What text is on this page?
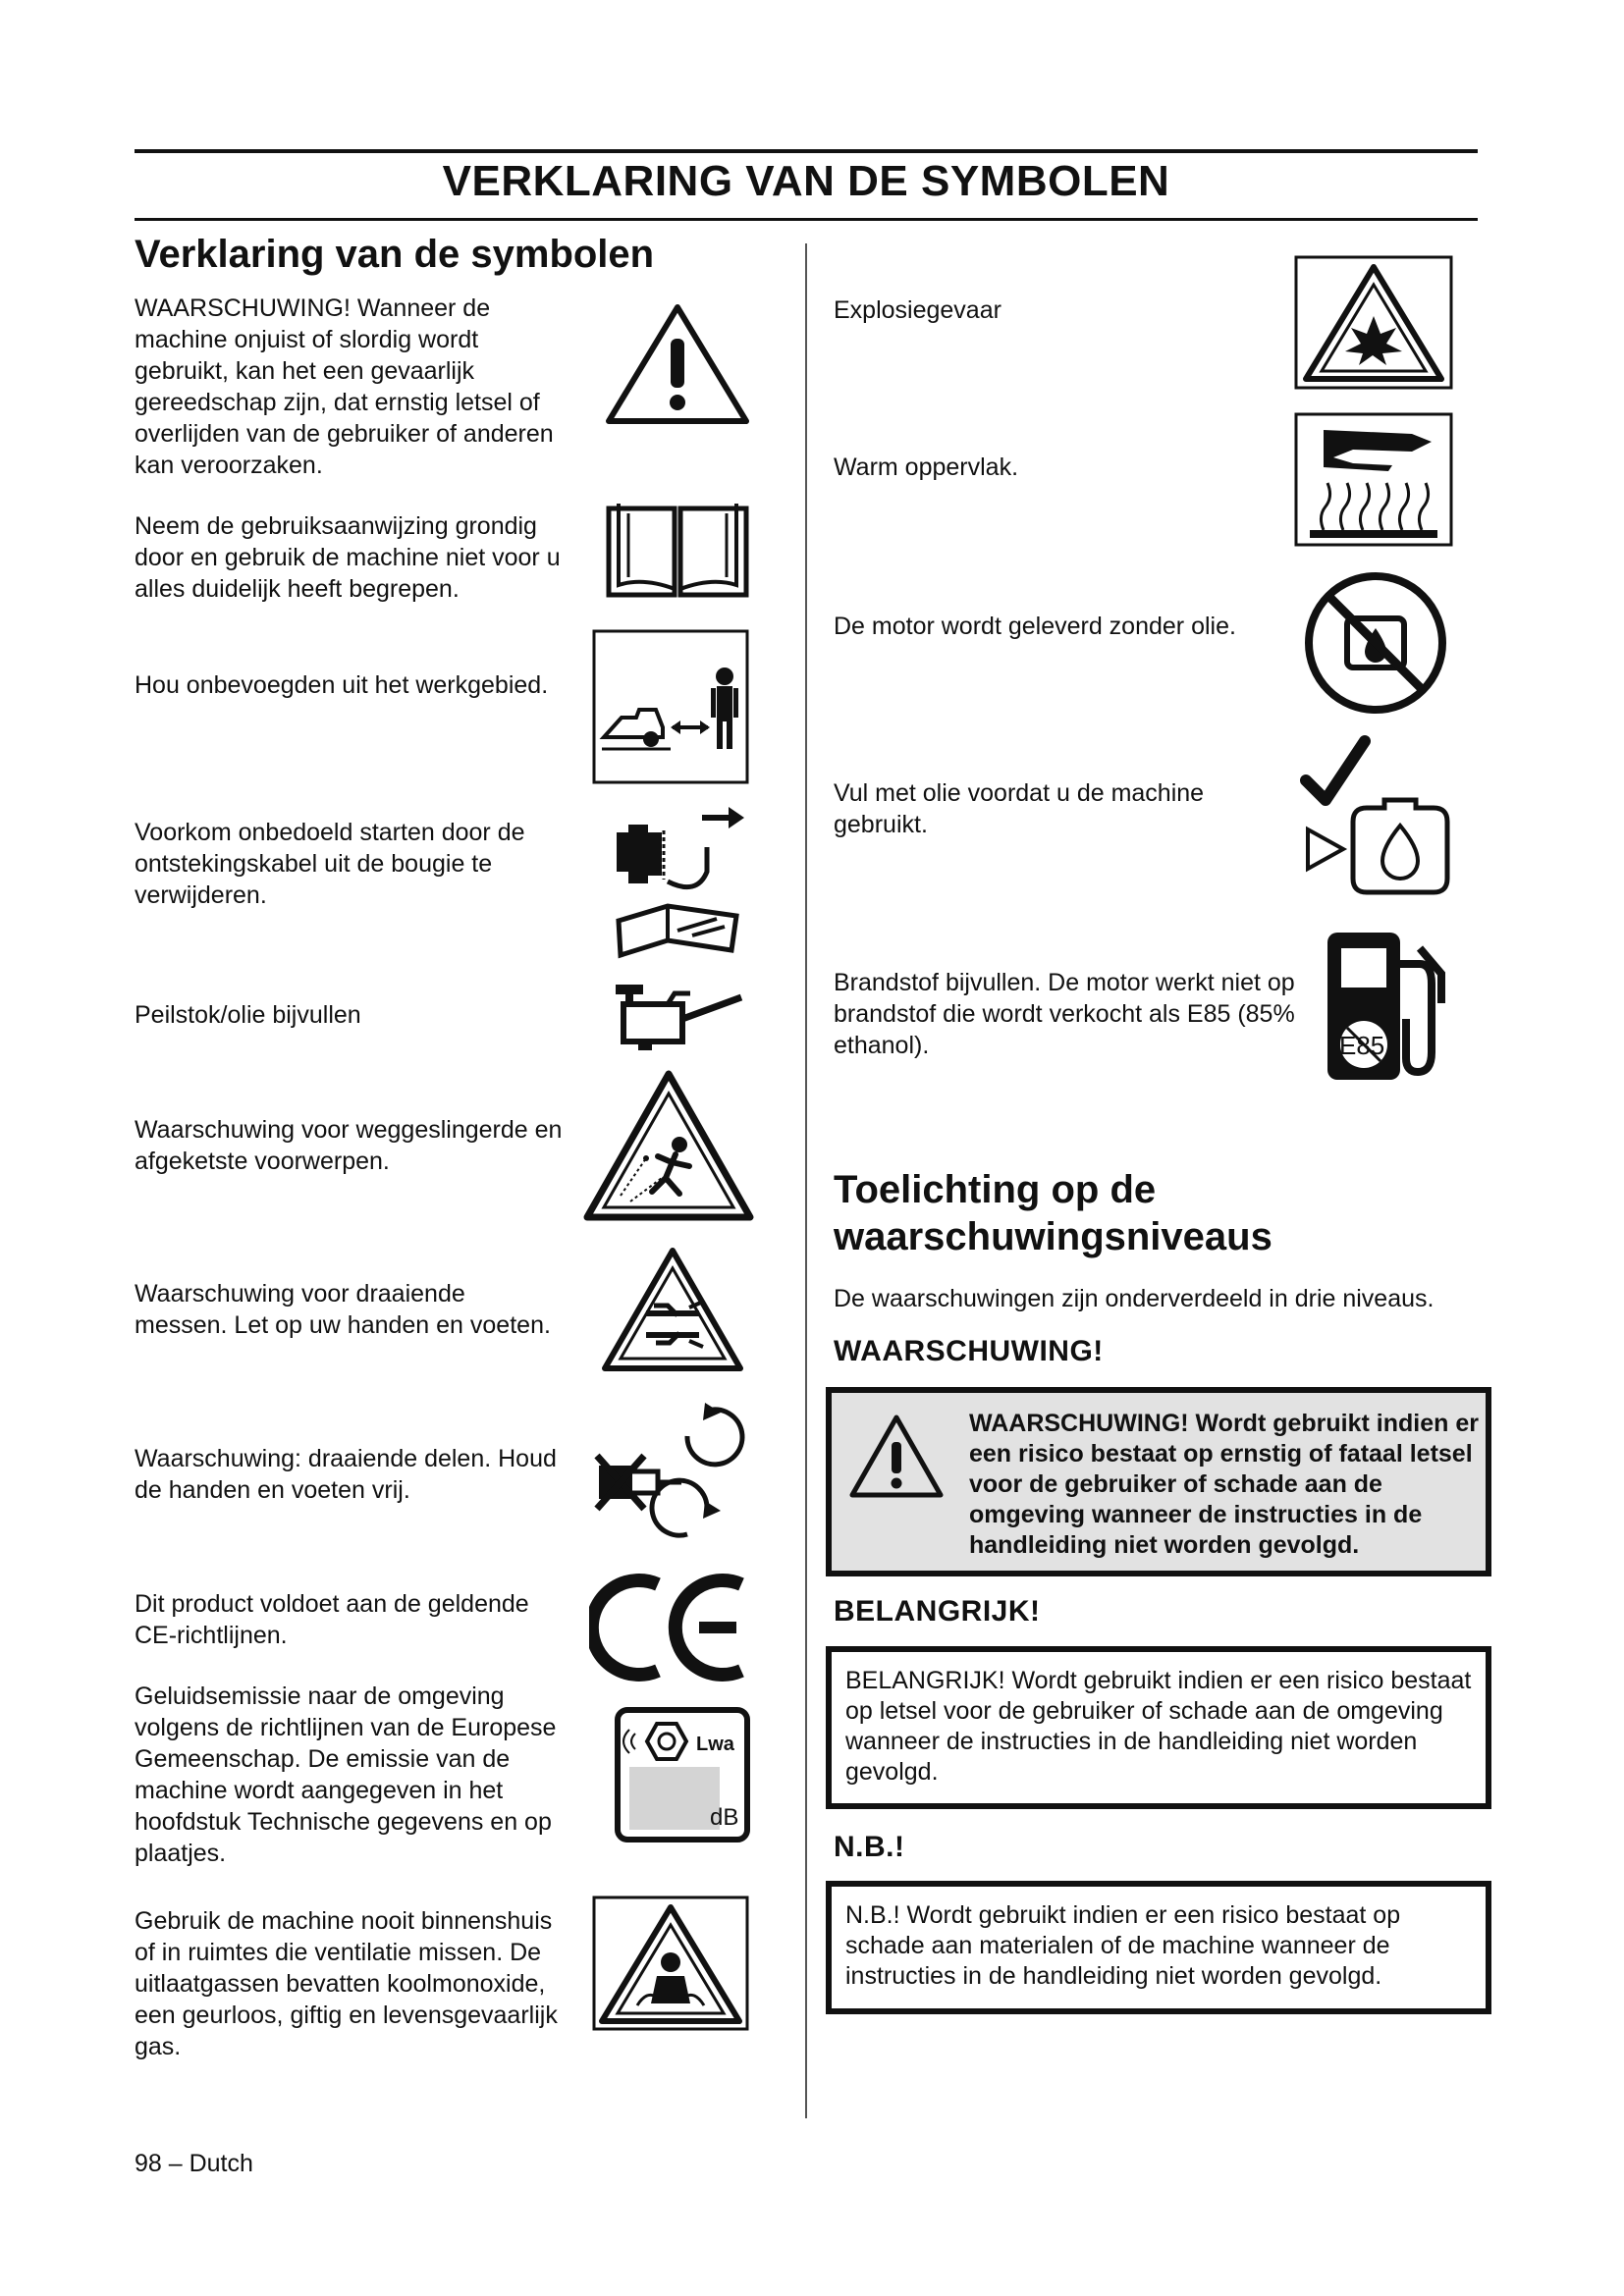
VERKLARING VAN DE SYMBOLEN
Verklaring van de symbolen
WAARSCHUWING! Wanneer de machine onjuist of slordig wordt gebruikt, kan het een gevaarlijk gereedschap zijn, dat ernstig letsel of overlijden van de gebruiker of anderen kan veroorzaken.
Neem de gebruiksaanwijzing grondig door en gebruik de machine niet voor u alles duidelijk heeft begrepen.
Hou onbevoegden uit het werkgebied.
Voorkom onbedoeld starten door de ontstekingskabel uit de bougie te verwijderen.
Peilstok/olie bijvullen
Waarschuwing voor weggeslingerde en afgeketste voorwerpen.
Waarschuwing voor draaiende messen. Let op uw handen en voeten.
Waarschuwing: draaiende delen. Houd de handen en voeten vrij.
Dit product voldoet aan de geldende CE-richtlijnen.
Geluidsemissie naar de omgeving volgens de richtlijnen van de Europese Gemeenschap. De emissie van de machine wordt aangegeven in het hoofdstuk Technische gegevens en op plaatjes.
Lwa
dB
Gebruik de machine nooit binnenshuis of in ruimtes die ventilatie missen. De uitlaatgassen bevatten koolmonoxide, een geurloos, giftig en levensgevaarlijk gas.
Explosiegevaar
Warm oppervlak.
De motor wordt geleverd zonder olie.
Vul met olie voordat u de machine gebruikt.
Brandstof bijvullen. De motor werkt niet op brandstof die wordt verkocht als E85 (85% ethanol).	E85
Toelichting op de waarschuwingsniveaus
De waarschuwingen zijn onderverdeeld in drie niveaus.
WAARSCHUWING!
WAARSCHUWING! Wordt gebruikt indien er een risico bestaat op ernstig of fataal letsel voor de gebruiker of schade aan de omgeving wanneer de instructies in de handleiding niet worden gevolgd.
BELANGRIJK!
BELANGRIJK! Wordt gebruikt indien er een risico bestaat op letsel voor de gebruiker of schade aan de omgeving wanneer de instructies in de handleiding niet worden gevolgd.
N.B.!
N.B.! Wordt gebruikt indien er een risico bestaat op schade aan materialen of de machine wanneer de instructies in de handleiding niet worden gevolgd.
98 – Dutch
